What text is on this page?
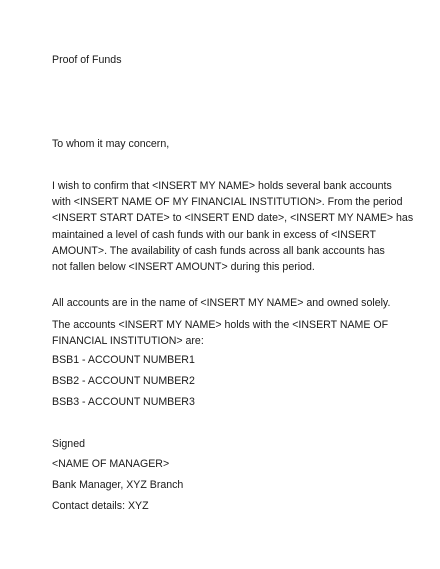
Proof of Funds
To whom it may concern,
I wish to confirm that <INSERT MY NAME> holds several bank accounts
with <INSERT NAME OF MY FINANCIAL INSTITUTION>. From the period
<INSERT START DATE> to <INSERT END date>, <INSERT MY NAME> has
maintained a level of cash funds with our bank in excess of <INSERT
AMOUNT>. The availability of cash funds across all bank accounts has
not fallen below <INSERT AMOUNT> during this period.
All accounts are in the name of <INSERT MY NAME> and owned solely.
The accounts <INSERT MY NAME> holds with the <INSERT NAME OF
FINANCIAL INSTITUTION> are:
BSB1 - ACCOUNT NUMBER1
BSB2 - ACCOUNT NUMBER2
BSB3 - ACCOUNT NUMBER3
Signed
<NAME OF MANAGER>
Bank Manager, XYZ Branch
Contact details: XYZ
